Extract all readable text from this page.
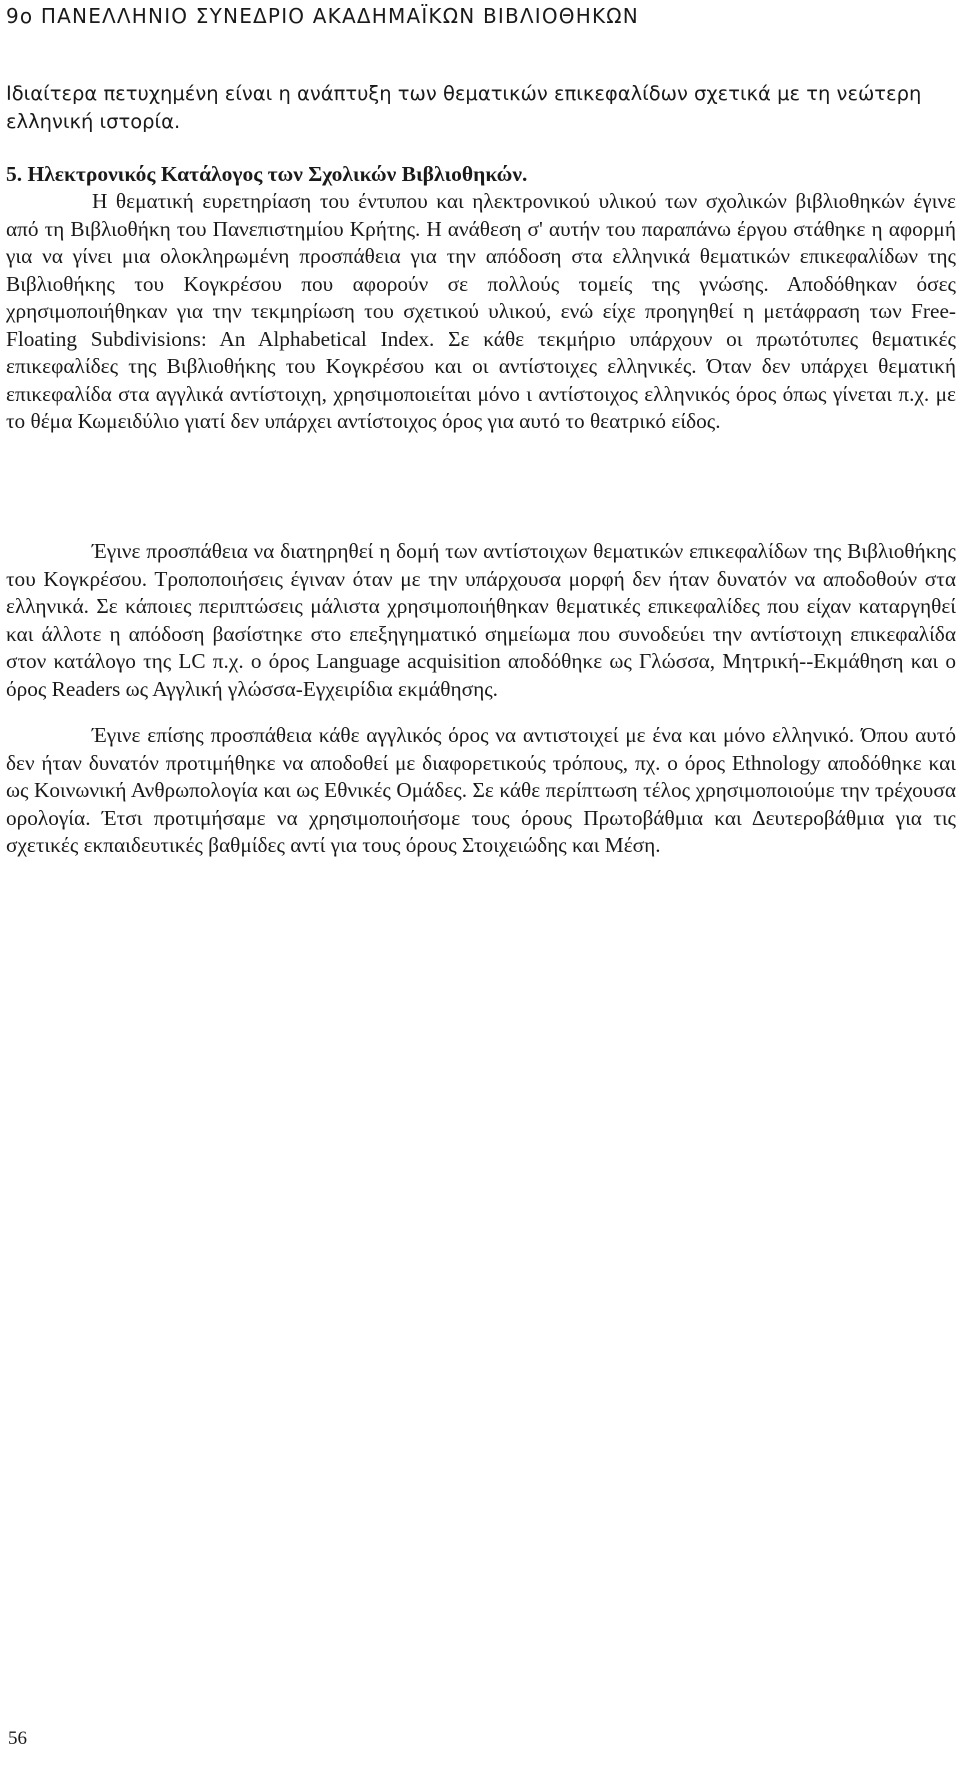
9ο ΠΑΝΕΛΛΗΝΙΟ ΣΥΝΕΔΡΙΟ ΑΚΑΔΗΜΑΪΚΩΝ ΒΙΒΛΙΟΘΗΚΩΝ

Ιδιαίτερα πετυχημένη είναι η ανάπτυξη των θεματικών επικεφαλίδων σχετικά με τη νεώτερη ελληνική ιστορία.

5. Ηλεκτρονικός Κατάλογος των Σχολικών Βιβλιοθηκών.

Η θεματική ευρετηρίαση του έντυπου και ηλεκτρονικού υλικού των σχολικών βιβλιοθηκών έγινε από τη Βιβλιοθήκη του Πανεπιστημίου Κρήτης. Η ανάθεση σ' αυτήν του παραπάνω έργου στάθηκε η αφορμή για να γίνει μια ολοκληρωμένη προσπάθεια για την απόδοση στα ελληνικά θεματικών επικεφαλίδων της Βιβλιοθήκης του Κογκρέσου που αφορούν σε πολλούς τομείς της γνώσης. Αποδόθηκαν όσες χρησιμοποιήθηκαν για την τεκμηρίωση του σχετικού υλικού, ενώ είχε προηγηθεί η μετάφραση των Free-Floating Subdivisions: An Alphabetical Index. Σε κάθε τεκμήριο υπάρχουν οι πρωτότυπες θεματικές επικεφαλίδες της Βιβλιοθήκης του Κογκρέσου και οι αντίστοιχες ελληνικές. Όταν δεν υπάρχει θεματική επικεφαλίδα στα αγγλικά αντίστοιχη, χρησιμοποιείται μόνο ι αντίστοιχος ελληνικός όρος όπως γίνεται π.χ. με το θέμα Κωμειδύλιο γιατί δεν υπάρχει αντίστοιχος όρος για αυτό το θεατρικό είδος.

Έγινε προσπάθεια να διατηρηθεί η δομή των αντίστοιχων θεματικών επικεφαλίδων της Βιβλιοθήκης του Κογκρέσου. Τροποποιήσεις έγιναν όταν με την υπάρχουσα μορφή δεν ήταν δυνατόν να αποδοθούν στα ελληνικά. Σε κάποιες περιπτώσεις μάλιστα χρησιμοποιήθηκαν θεματικές επικεφαλίδες που είχαν καταργηθεί και άλλοτε η απόδοση βασίστηκε στο επεξηγηματικό σημείωμα που συνοδεύει την αντίστοιχη επικεφαλίδα στον κατάλογο της LC π.χ. ο όρος Language acquisition αποδόθηκε ως Γλώσσα, Μητρική--Εκμάθηση και ο όρος Readers ως Αγγλική γλώσσα-Εγχειρίδια εκμάθησης.

Έγινε επίσης προσπάθεια κάθε αγγλικός όρος να αντιστοιχεί με ένα και μόνο ελληνικό. Όπου αυτό δεν ήταν δυνατόν προτιμήθηκε να αποδοθεί με διαφορετικούς τρόπους, πχ. ο όρος Ethnology αποδόθηκε και ως Κοινωνική Ανθρωπολογία και ως Εθνικές Ομάδες. Σε κάθε περίπτωση τέλος χρησιμοποιούμε την τρέχουσα ορολογία. Έτσι προτιμήσαμε να χρησιμοποιήσομε τους όρους Πρωτοβάθμια και Δευτεροβάθμια για τις σχετικές εκπαιδευτικές βαθμίδες αντί για τους όρους Στοιχειώδης και Μέση.

56
